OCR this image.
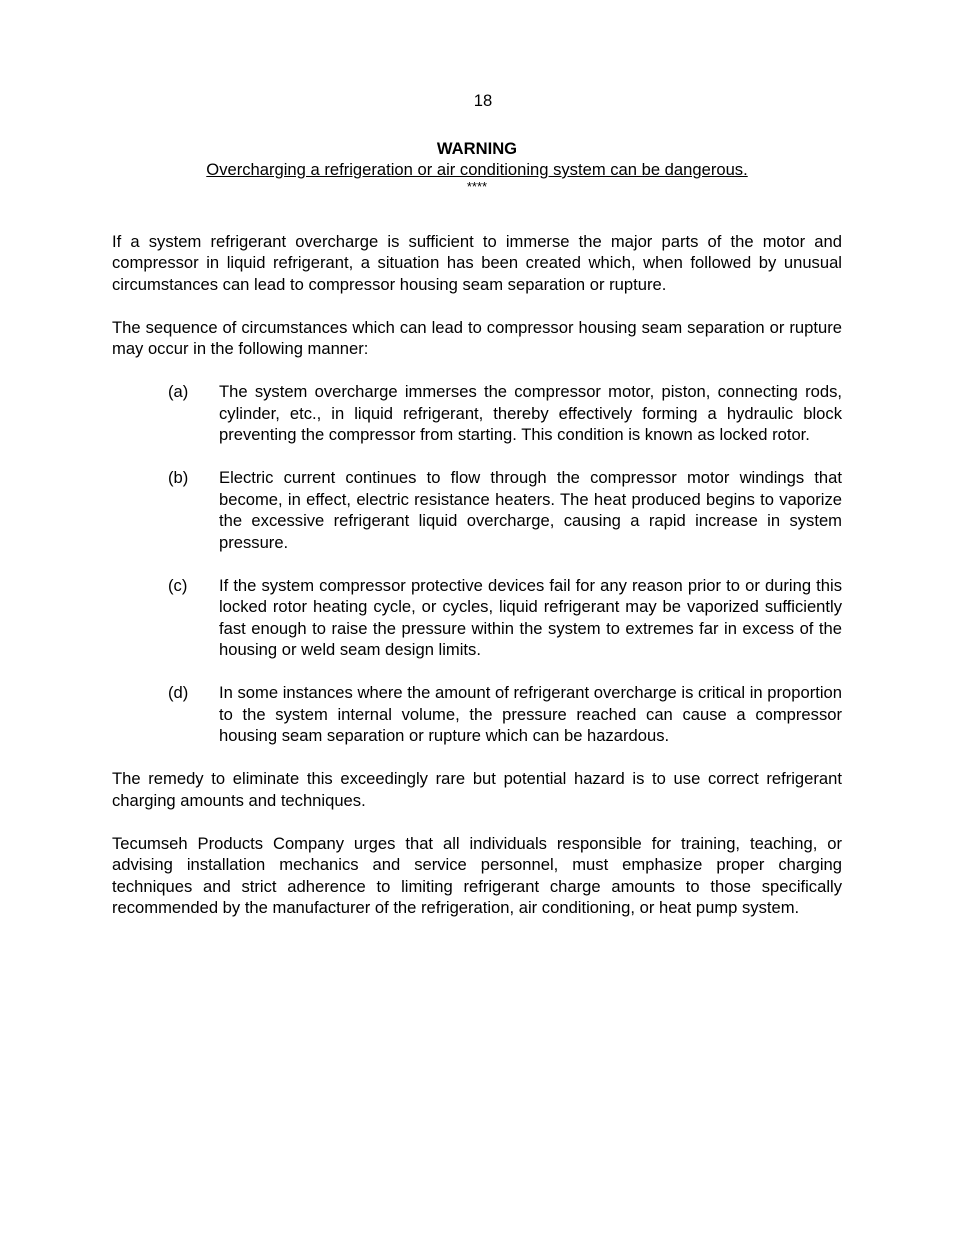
18
WARNING
Overcharging a refrigeration or air conditioning system can be dangerous.
****

If a system refrigerant overcharge is sufficient to immerse the major parts of the motor and compressor in liquid refrigerant, a situation has been created which, when followed by unusual circumstances can lead to compressor housing seam separation or rupture.

The sequence of circumstances which can lead to compressor housing seam separation or rupture may occur in the following manner:

(a)	The system overcharge immerses the compressor motor, piston, connecting rods, cylinder, etc., in liquid refrigerant, thereby effectively forming a hydraulic block preventing the compressor from starting. This condition is known as locked rotor.
(b)	Electric current continues to flow through the compressor motor windings that become, in effect, electric resistance heaters. The heat produced begins to vaporize the excessive refrigerant liquid overcharge, causing a rapid increase in system pressure.
(c)	If the system compressor protective devices fail for any reason prior to or during this locked rotor heating cycle, or cycles, liquid refrigerant may be vaporized sufficiently fast enough to raise the pressure within the system to extremes far in excess of the housing or weld seam design limits.
(d)	In some instances where the amount of refrigerant overcharge is critical in proportion to the system internal volume, the pressure reached can cause a compressor housing seam separation or rupture which can be hazardous.

The remedy to eliminate this exceedingly rare but potential hazard is to use correct refrigerant charging amounts and techniques.

Tecumseh Products Company urges that all individuals responsible for training, teaching, or advising installation mechanics and service personnel, must emphasize proper charging techniques and strict adherence to limiting refrigerant charge amounts to those specifically recommended by the manufacturer of the refrigeration, air conditioning, or heat pump system.
